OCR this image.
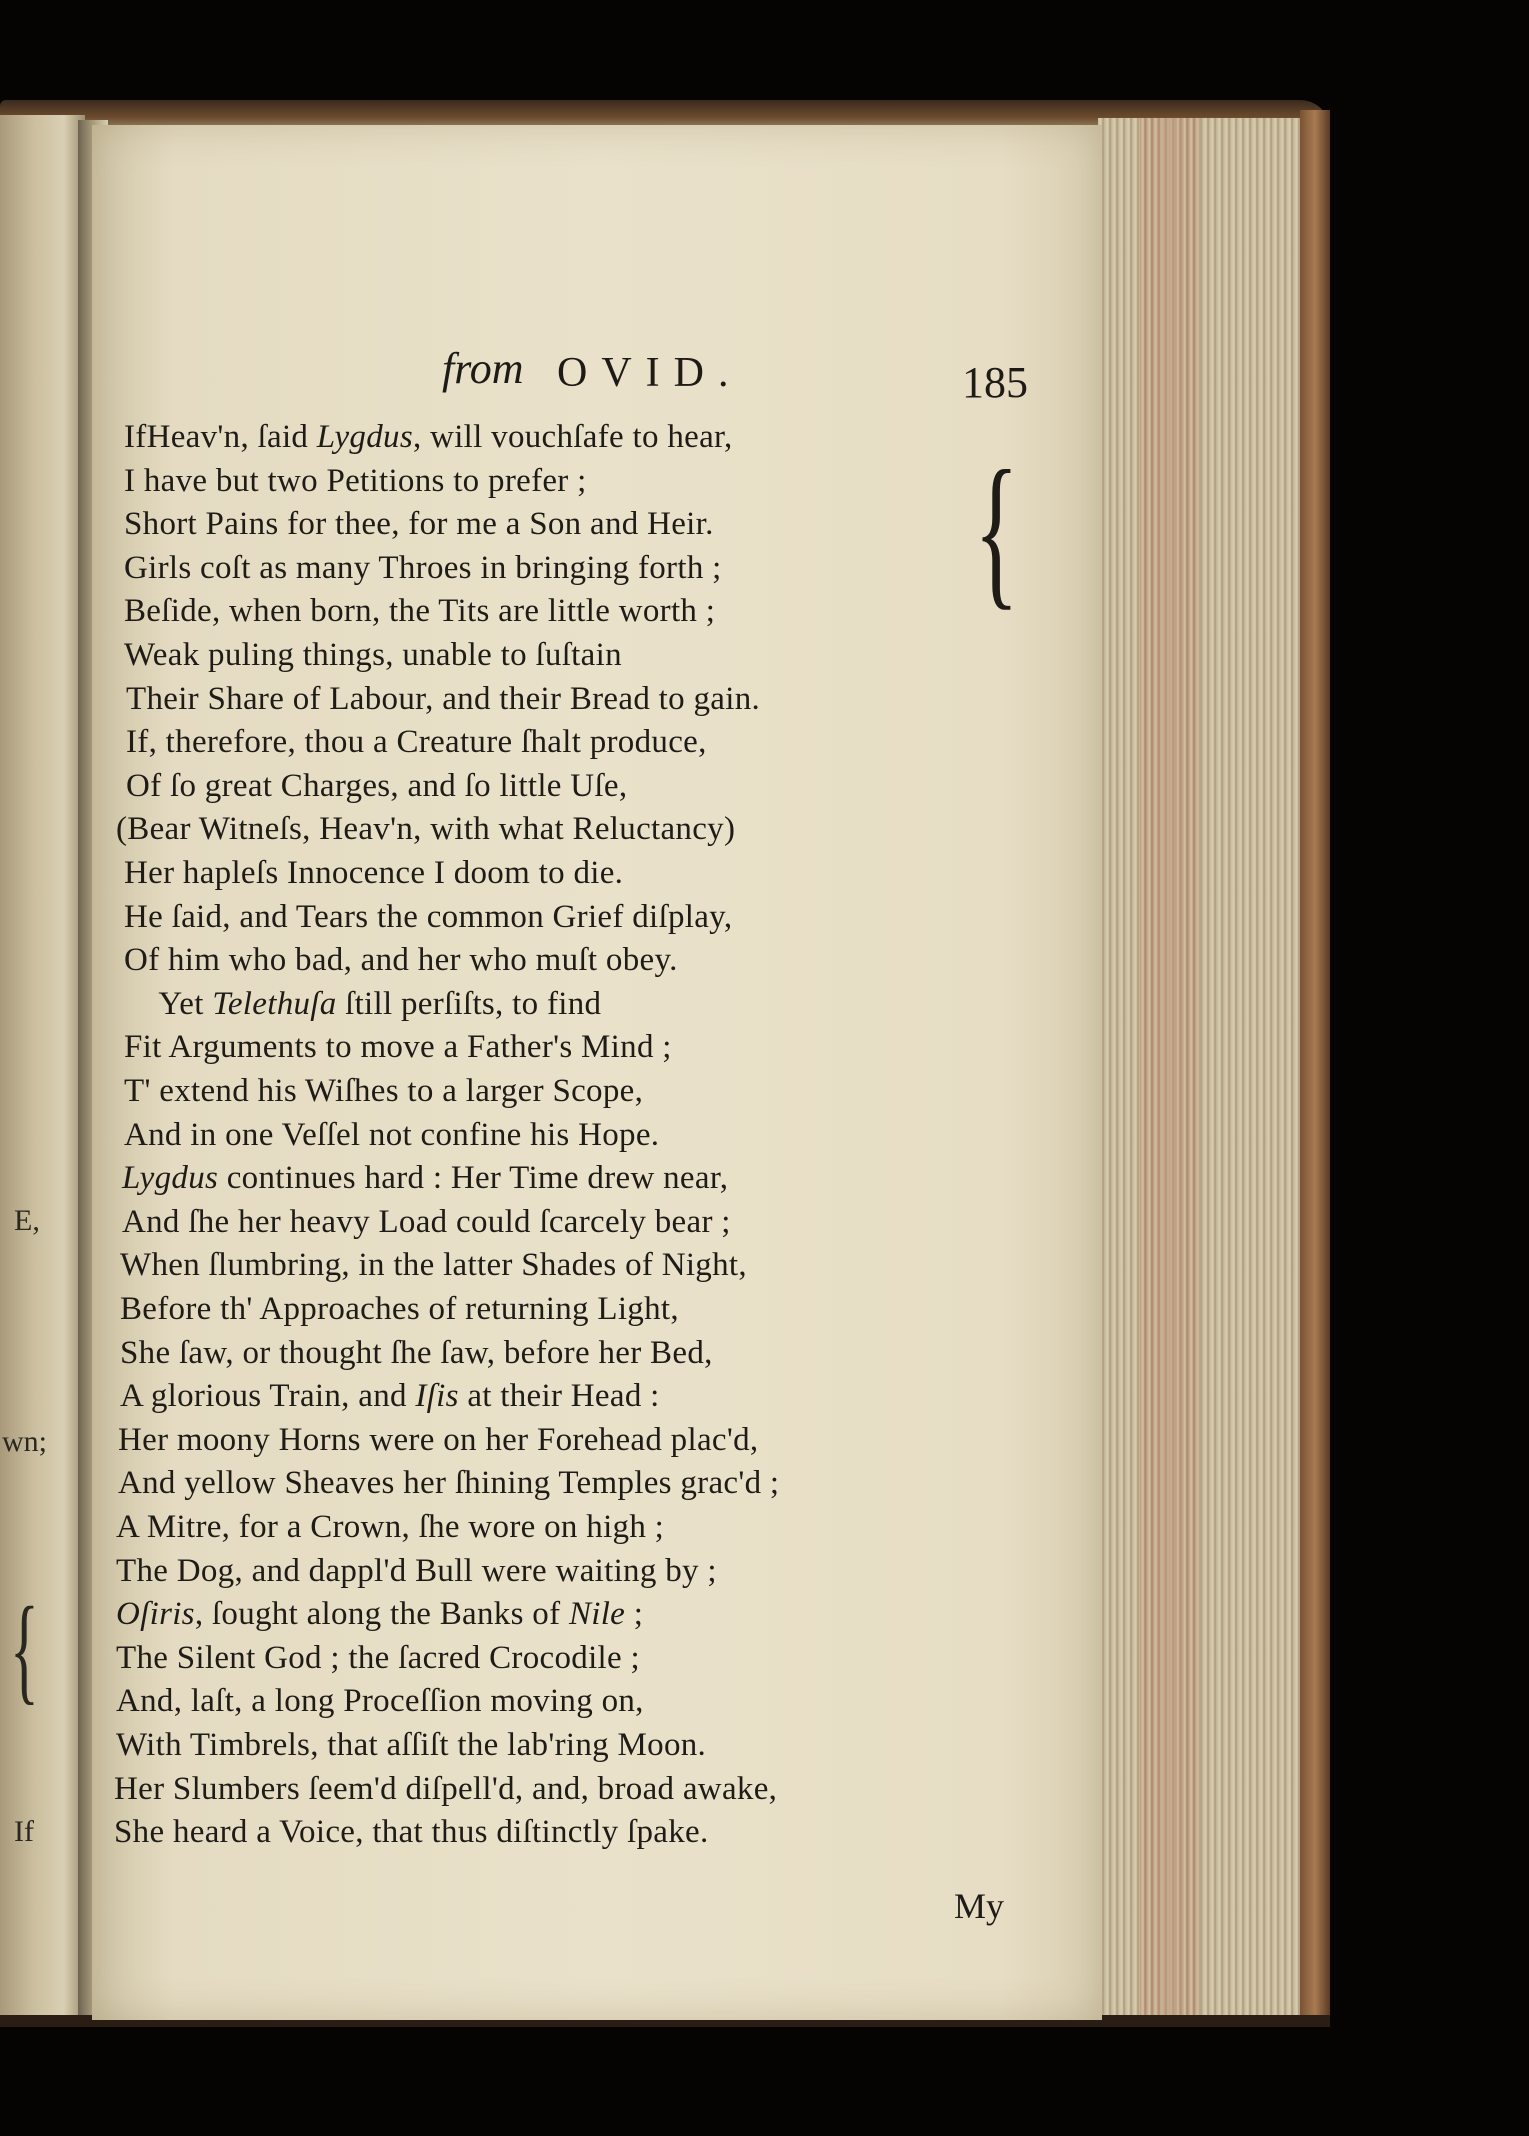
E,
wn;
{
If
from OVID.	185
IfHeav'n, ſaid Lygdus, will vouchſafe to hear,
I have but two Petitions to prefer ;
Short Pains for thee, for me a Son and Heir.
Girls coſt as many Throes in bringing forth ;
Beſide, when born, the Tits are little worth ;
Weak puling things, unable to ſuſtain
Their Share of Labour, and their Bread to gain.
If, therefore, thou a Creature ſhalt produce,
Of ſo great Charges, and ſo little Uſe,
(Bear Witneſs, Heav'n, with what Reluctancy)
Her hapleſs Innocence I doom to die.
He ſaid, and Tears the common Grief diſplay,
Of him who bad, and her who muſt obey.
Yet Telethuſa ſtill perſiſts, to find
Fit Arguments to move a Father's Mind ;
T' extend his Wiſhes to a larger Scope,
And in one Veſſel not confine his Hope.
Lygdus continues hard : Her Time drew near,
And ſhe her heavy Load could ſcarcely bear ;
When ſlumbring, in the latter Shades of Night,
Before th' Approaches of returning Light,
She ſaw, or thought ſhe ſaw, before her Bed,
A glorious Train, and Iſis at their Head :
Her moony Horns were on her Forehead plac'd,
And yellow Sheaves her ſhining Temples grac'd ;
A Mitre, for a Crown, ſhe wore on high ;
The Dog, and dappl'd Bull were waiting by ;
Oſiris, ſought along the Banks of Nile ;
The Silent God ; the ſacred Crocodile ;
And, laſt, a long Proceſſion moving on,
With Timbrels, that aſſiſt the lab'ring Moon.
Her Slumbers ſeem'd diſpell'd, and, broad awake,
She heard a Voice, that thus diſtinctly ſpake.
{
My
